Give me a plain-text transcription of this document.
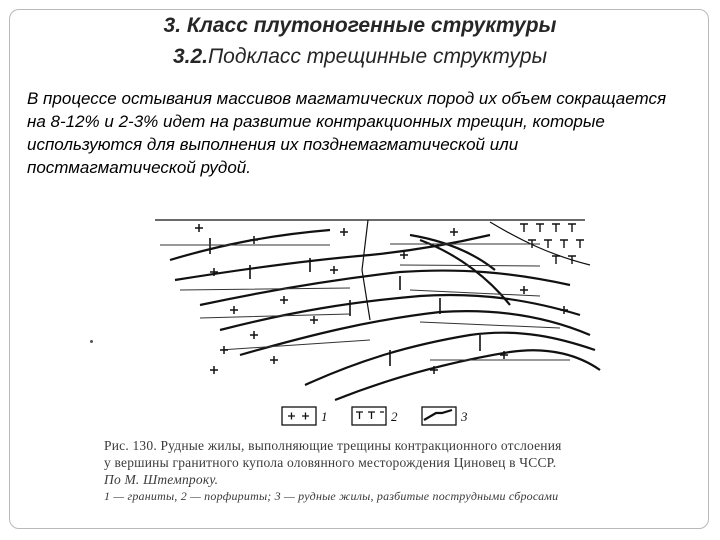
3. Класс плутоногенные структуры
3.2.Подкласс трещинные структуры
В процессе остывания массивов магматических пород их объем сокращается на 8-12% и 2-3% идет на развитие контракционных трещин, которые используются для выполнения их позднемагматической или постмагматической рудой.
1	2	3
Рис. 130. Рудные жилы, выполняющие трещины контракционного отслоения
у вершины гранитного купола оловянного месторождения Циновец в ЧССР.
По М. Штемпроку.
1 — граниты, 2 — порфириты; 3 — рудные жилы, разбитые пострудными сбросами
